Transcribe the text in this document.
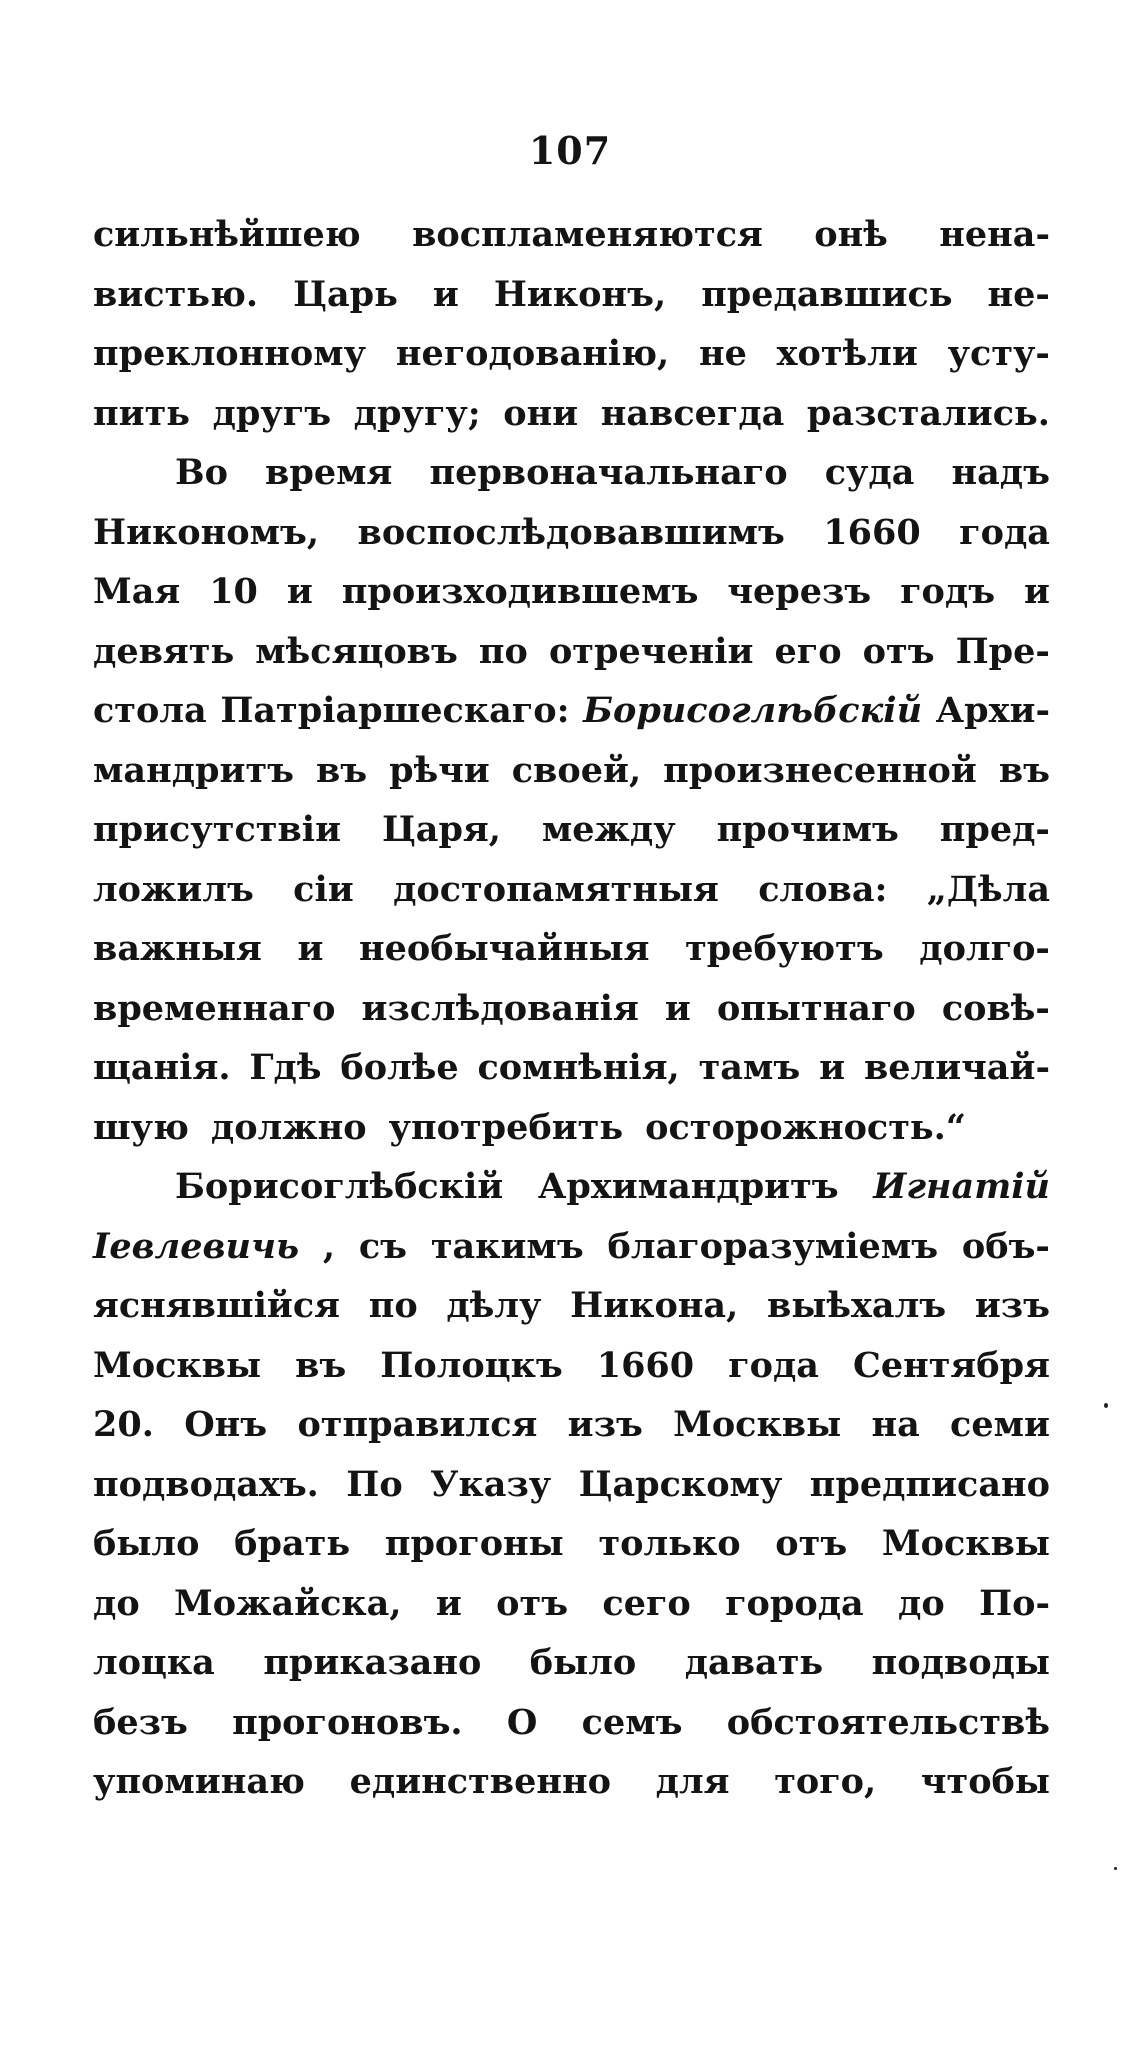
107
сильнѣйшею воспламеняются онѣ нена-
вистью. Царь и Никонъ, предавшись не-
преклонному негодованію, не хотѣли усту-
пить другъ другу; они навсегда разстались.
Во время первоначальнаго суда надъ
Никономъ, воспослѣдовавшимъ 1660 года
Мая 10 и произходившемъ черезъ годъ и
девять мѣсяцовъ по отреченіи его отъ Пре-
стола Патріаршескаго: Борисоглѣбскій Архи-
мандритъ въ рѣчи своей, произнесенной въ
присутствіи Царя, между прочимъ пред-
ложилъ сіи достопамятныя слова: „Дѣла
важныя и необычайныя требуютъ долго-
временнаго изслѣдованія и опытнаго совѣ-
щанія. Гдѣ болѣе сомнѣнія, тамъ и величай-
шую должно употребить осторожность.“
Борисоглѣбскій Архимандритъ Игнатій
Іевлевичь , съ такимъ благоразуміемъ объ-
яснявшійся по дѣлу Никона, выѣхалъ изъ
Москвы въ Полоцкъ 1660 года Сентября
20. Онъ отправился изъ Москвы на семи
подводахъ. По Указу Царскому предписано
было брать прогоны только отъ Москвы
до Можайска, и отъ сего города до По-
лоцка приказано было давать подводы
безъ прогоновъ. О семъ обстоятельствѣ
упоминаю единственно для того, чтобы
